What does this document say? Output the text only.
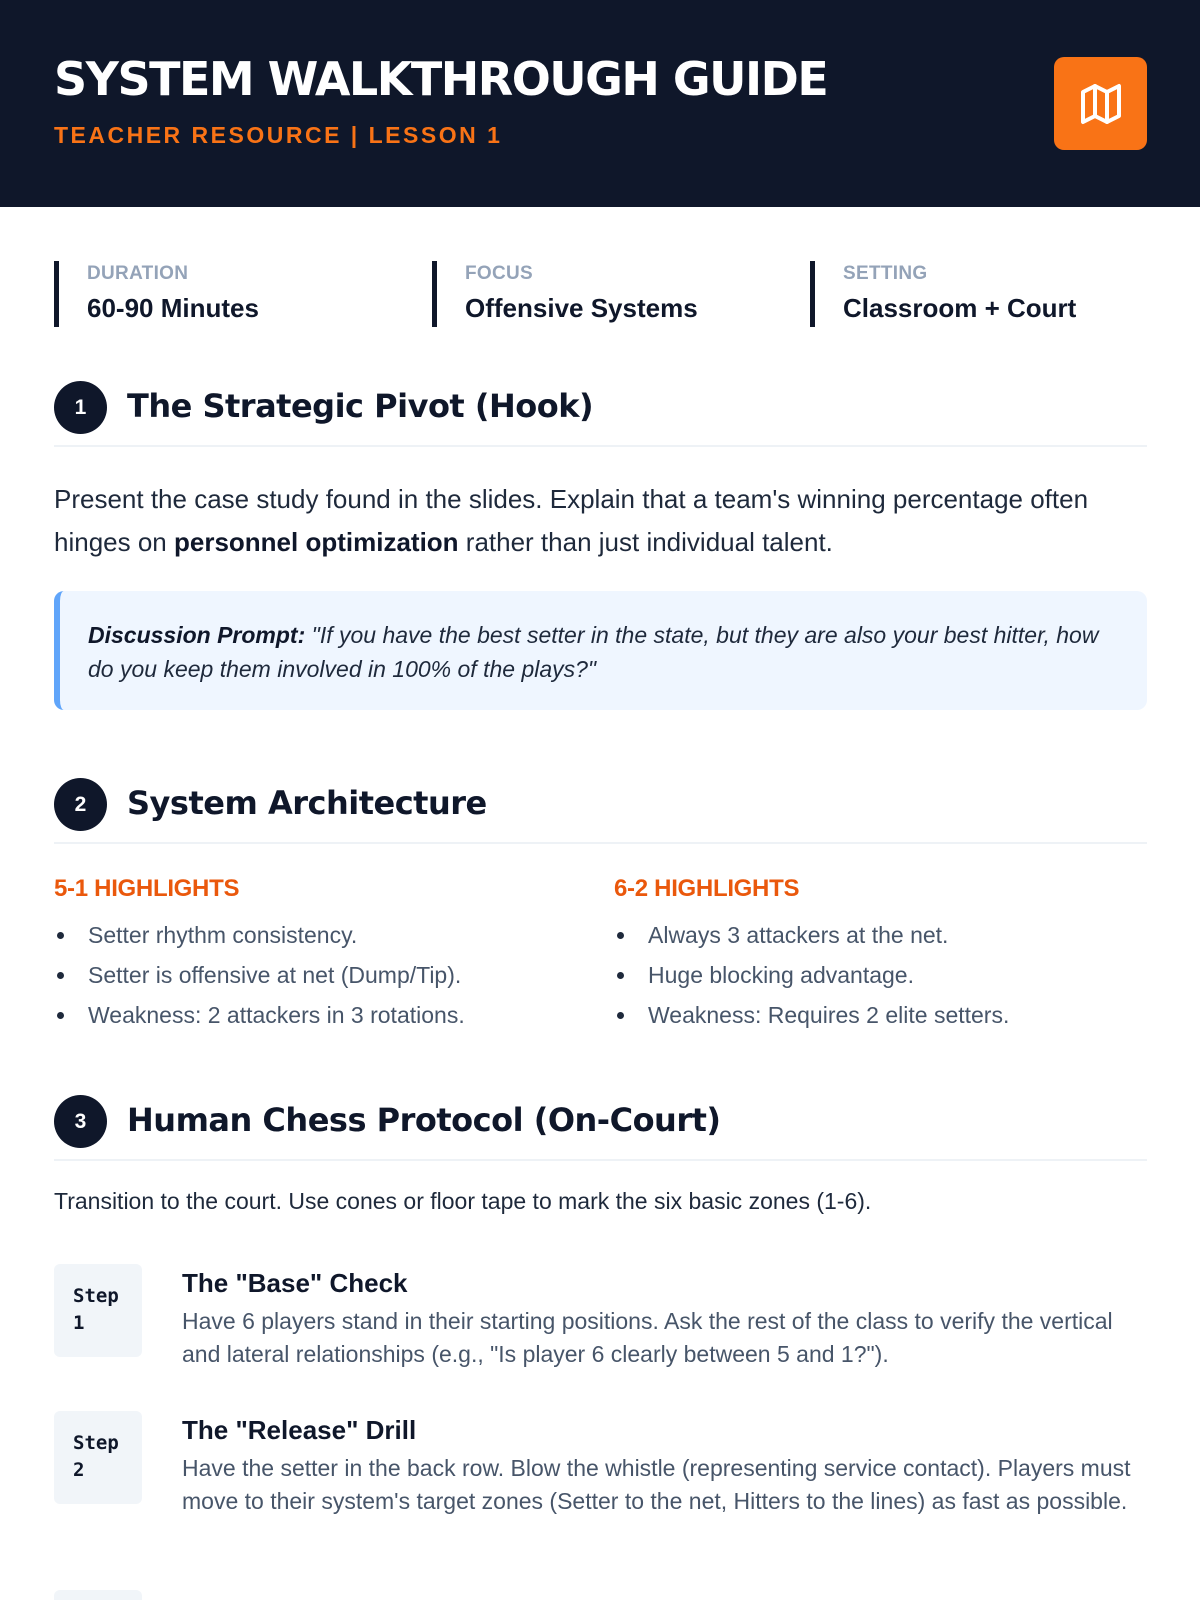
SYSTEM WALKTHROUGH GUIDE
TEACHER RESOURCE | LESSON 1
DURATION
60-90 Minutes
FOCUS
Offensive Systems
SETTING
Classroom + Court
1	The Strategic Pivot (Hook)
Present the case study found in the slides. Explain that a team's winning percentage often hinges on personnel optimization rather than just individual talent.
Discussion Prompt: "If you have the best setter in the state, but they are also your best hitter, how do you keep them involved in 100% of the plays?"
2	System Architecture
5-1 HIGHLIGHTS
Setter rhythm consistency.
Setter is offensive at net (Dump/Tip).
Weakness: 2 attackers in 3 rotations.
6-2 HIGHLIGHTS
Always 3 attackers at the net.
Huge blocking advantage.
Weakness: Requires 2 elite setters.
3	Human Chess Protocol (On-Court)
Transition to the court. Use cones or floor tape to mark the six basic zones (1-6).
Step
1
The "Base" Check
Have 6 players stand in their starting positions. Ask the rest of the class to verify the vertical and lateral relationships (e.g., "Is player 6 clearly between 5 and 1?").
Step
2
The "Release" Drill
Have the setter in the back row. Blow the whistle (representing service contact). Players must move to their system's target zones (Setter to the net, Hitters to the lines) as fast as possible.
